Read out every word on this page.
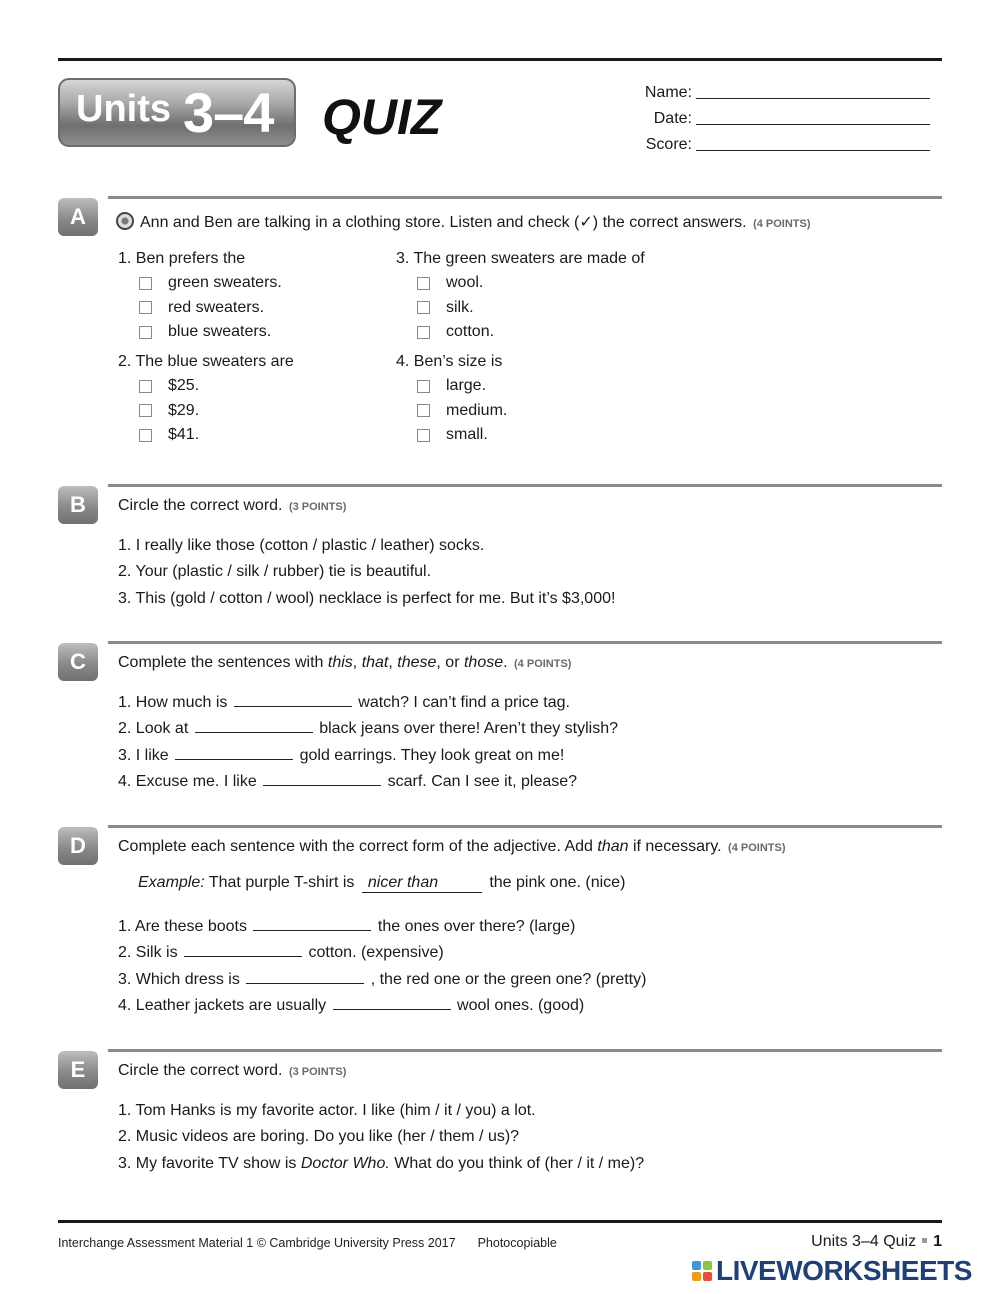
Units 3–4 QUIZ	Name:
Date:
Score:
A	Ann and Ben are talking in a clothing store. Listen and check (✓) the correct answers. (4 POINTS)
1. Ben prefers the
green sweaters.
red sweaters.
blue sweaters.
2. The blue sweaters are
$25.
$29.
$41.
3. The green sweaters are made of
wool.
silk.
cotton.
4. Ben’s size is
large.
medium.
small.
B	Circle the correct word. (3 POINTS)
1. I really like those (cotton / plastic / leather) socks.
2. Your (plastic / silk / rubber) tie is beautiful.
3. This (gold / cotton / wool) necklace is perfect for me. But it’s $3,000!
C	Complete the sentences with this, that, these, or those. (4 POINTS)
1. How much is	watch? I can’t find a price tag.
2. Look at	black jeans over there! Aren’t they stylish?
3. I like	gold earrings. They look great on me!
4. Excuse me. I like	scarf. Can I see it, please?
D	Complete each sentence with the correct form of the adjective. Add than if necessary. (4 POINTS)
Example: That purple T-shirt is nicer than	the pink one. (nice)
1. Are these boots	the ones over there? (large)
2. Silk is	cotton. (expensive)
3. Which dress is	, the red one or the green one? (pretty)
4. Leather jackets are usually	wool ones. (good)
E	Circle the correct word. (3 POINTS)
1. Tom Hanks is my favorite actor. I like (him / it / you) a lot.
2. Music videos are boring. Do you like (her / them / us)?
3. My favorite TV show is Doctor Who. What do you think of (her / it / me)?
Interchange Assessment Material 1 © Cambridge University Press 2017 Photocopiable	Units 3–4 Quiz 1
LIVEWORKSHEETS
